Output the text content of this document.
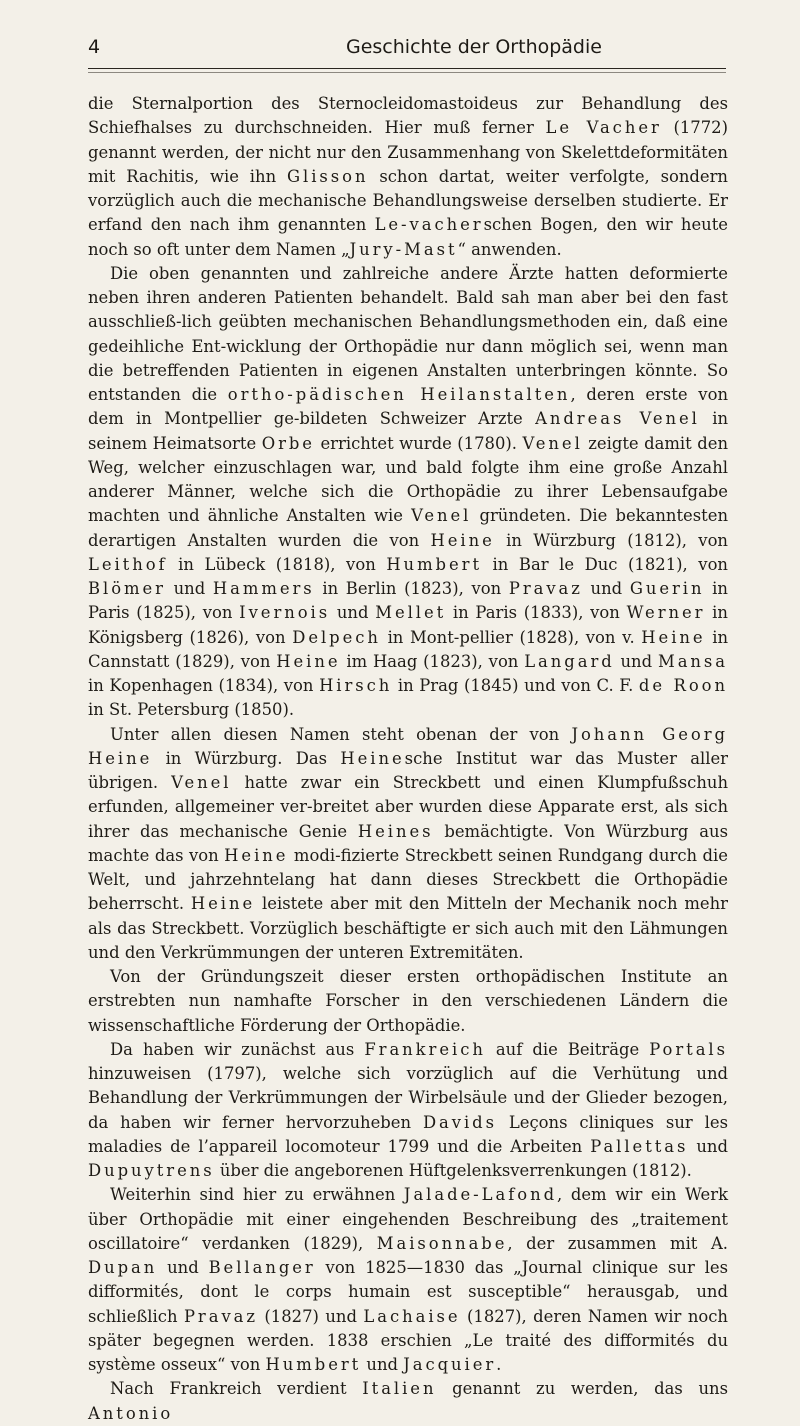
4	Geschichte der Orthopädie

die Sternalportion des Sternocleidomastoideus zur Behandlung des Schiefhalses zu durchschneiden. Hier muß ferner Le Vacher (1772) genannt werden, der nicht nur den Zusammenhang von Skelettdeformitäten mit Rachitis, wie ihn Glisson schon dartat, weiter verfolgte, sondern vorzüglich auch die mechanische Behandlungsweise derselben studierte. Er erfand den nach ihm genannten Le-vacherschen Bogen, den wir heute noch so oft unter dem Namen „Jury-Mast“ anwenden.

Die oben genannten und zahlreiche andere Ärzte hatten deformierte neben ihren anderen Patienten behandelt. Bald sah man aber bei den fast ausschließ-lich geübten mechanischen Behandlungsmethoden ein, daß eine gedeihliche Ent-wicklung der Orthopädie nur dann möglich sei, wenn man die betreffenden Patienten in eigenen Anstalten unterbringen könnte. So entstanden die ortho-pädischen Heilanstalten, deren erste von dem in Montpellier ge-bildeten Schweizer Arzte Andreas Venel in seinem Heimatsorte Orbe errichtet wurde (1780). Venel zeigte damit den Weg, welcher einzuschlagen war, und bald folgte ihm eine große Anzahl anderer Männer, welche sich die Orthopädie zu ihrer Lebensaufgabe machten und ähnliche Anstalten wie Venel gründeten. Die bekanntesten derartigen Anstalten wurden die von Heine in Würzburg (1812), von Leithof in Lübeck (1818), von Humbert in Bar le Duc (1821), von Blömer und Hammers in Berlin (1823), von Pravaz und Guerin in Paris (1825), von Ivernois und Mellet in Paris (1833), von Werner in Königsberg (1826), von Delpech in Mont-pellier (1828), von v. Heine in Cannstatt (1829), von Heine im Haag (1823), von Langard und Mansa in Kopenhagen (1834), von Hirsch in Prag (1845) und von C. F. de Roon in St. Petersburg (1850).

Unter allen diesen Namen steht obenan der von Johann Georg Heine in Würzburg. Das Heinesche Institut war das Muster aller übrigen. Venel hatte zwar ein Streckbett und einen Klumpfußschuh erfunden, allgemeiner ver-breitet aber wurden diese Apparate erst, als sich ihrer das mechanische Genie Heines bemächtigte. Von Würzburg aus machte das von Heine modi-fizierte Streckbett seinen Rundgang durch die Welt, und jahrzehntelang hat dann dieses Streckbett die Orthopädie beherrscht. Heine leistete aber mit den Mitteln der Mechanik noch mehr als das Streckbett. Vorzüglich beschäftigte er sich auch mit den Lähmungen und den Verkrümmungen der unteren Extremitäten.

Von der Gründungszeit dieser ersten orthopädischen Institute an erstrebten nun namhafte Forscher in den verschiedenen Ländern die wissenschaftliche Förderung der Orthopädie.

Da haben wir zunächst aus Frankreich auf die Beiträge Portals hinzuweisen (1797), welche sich vorzüglich auf die Verhütung und Behandlung der Verkrümmungen der Wirbelsäule und der Glieder bezogen, da haben wir ferner hervorzuheben Davids Leçons cliniques sur les maladies de l’appareil locomoteur 1799 und die Arbeiten Pallettas und Dupuytrens über die angeborenen Hüftgelenksverrenkungen (1812).

Weiterhin sind hier zu erwähnen Jalade-Lafond, dem wir ein Werk über Orthopädie mit einer eingehenden Beschreibung des „traitement oscillatoire“ verdanken (1829), Maisonnabe, der zusammen mit A. Dupan und Bellanger von 1825—1830 das „Journal clinique sur les difformités, dont le corps humain est susceptible“ herausgab, und schließlich Pravaz (1827) und Lachaise (1827), deren Namen wir noch später begegnen werden. 1838 erschien „Le traité des difformités du système osseux“ von Humbert und Jacquier.

Nach Frankreich verdient Italien genannt zu werden, das uns Antonio
